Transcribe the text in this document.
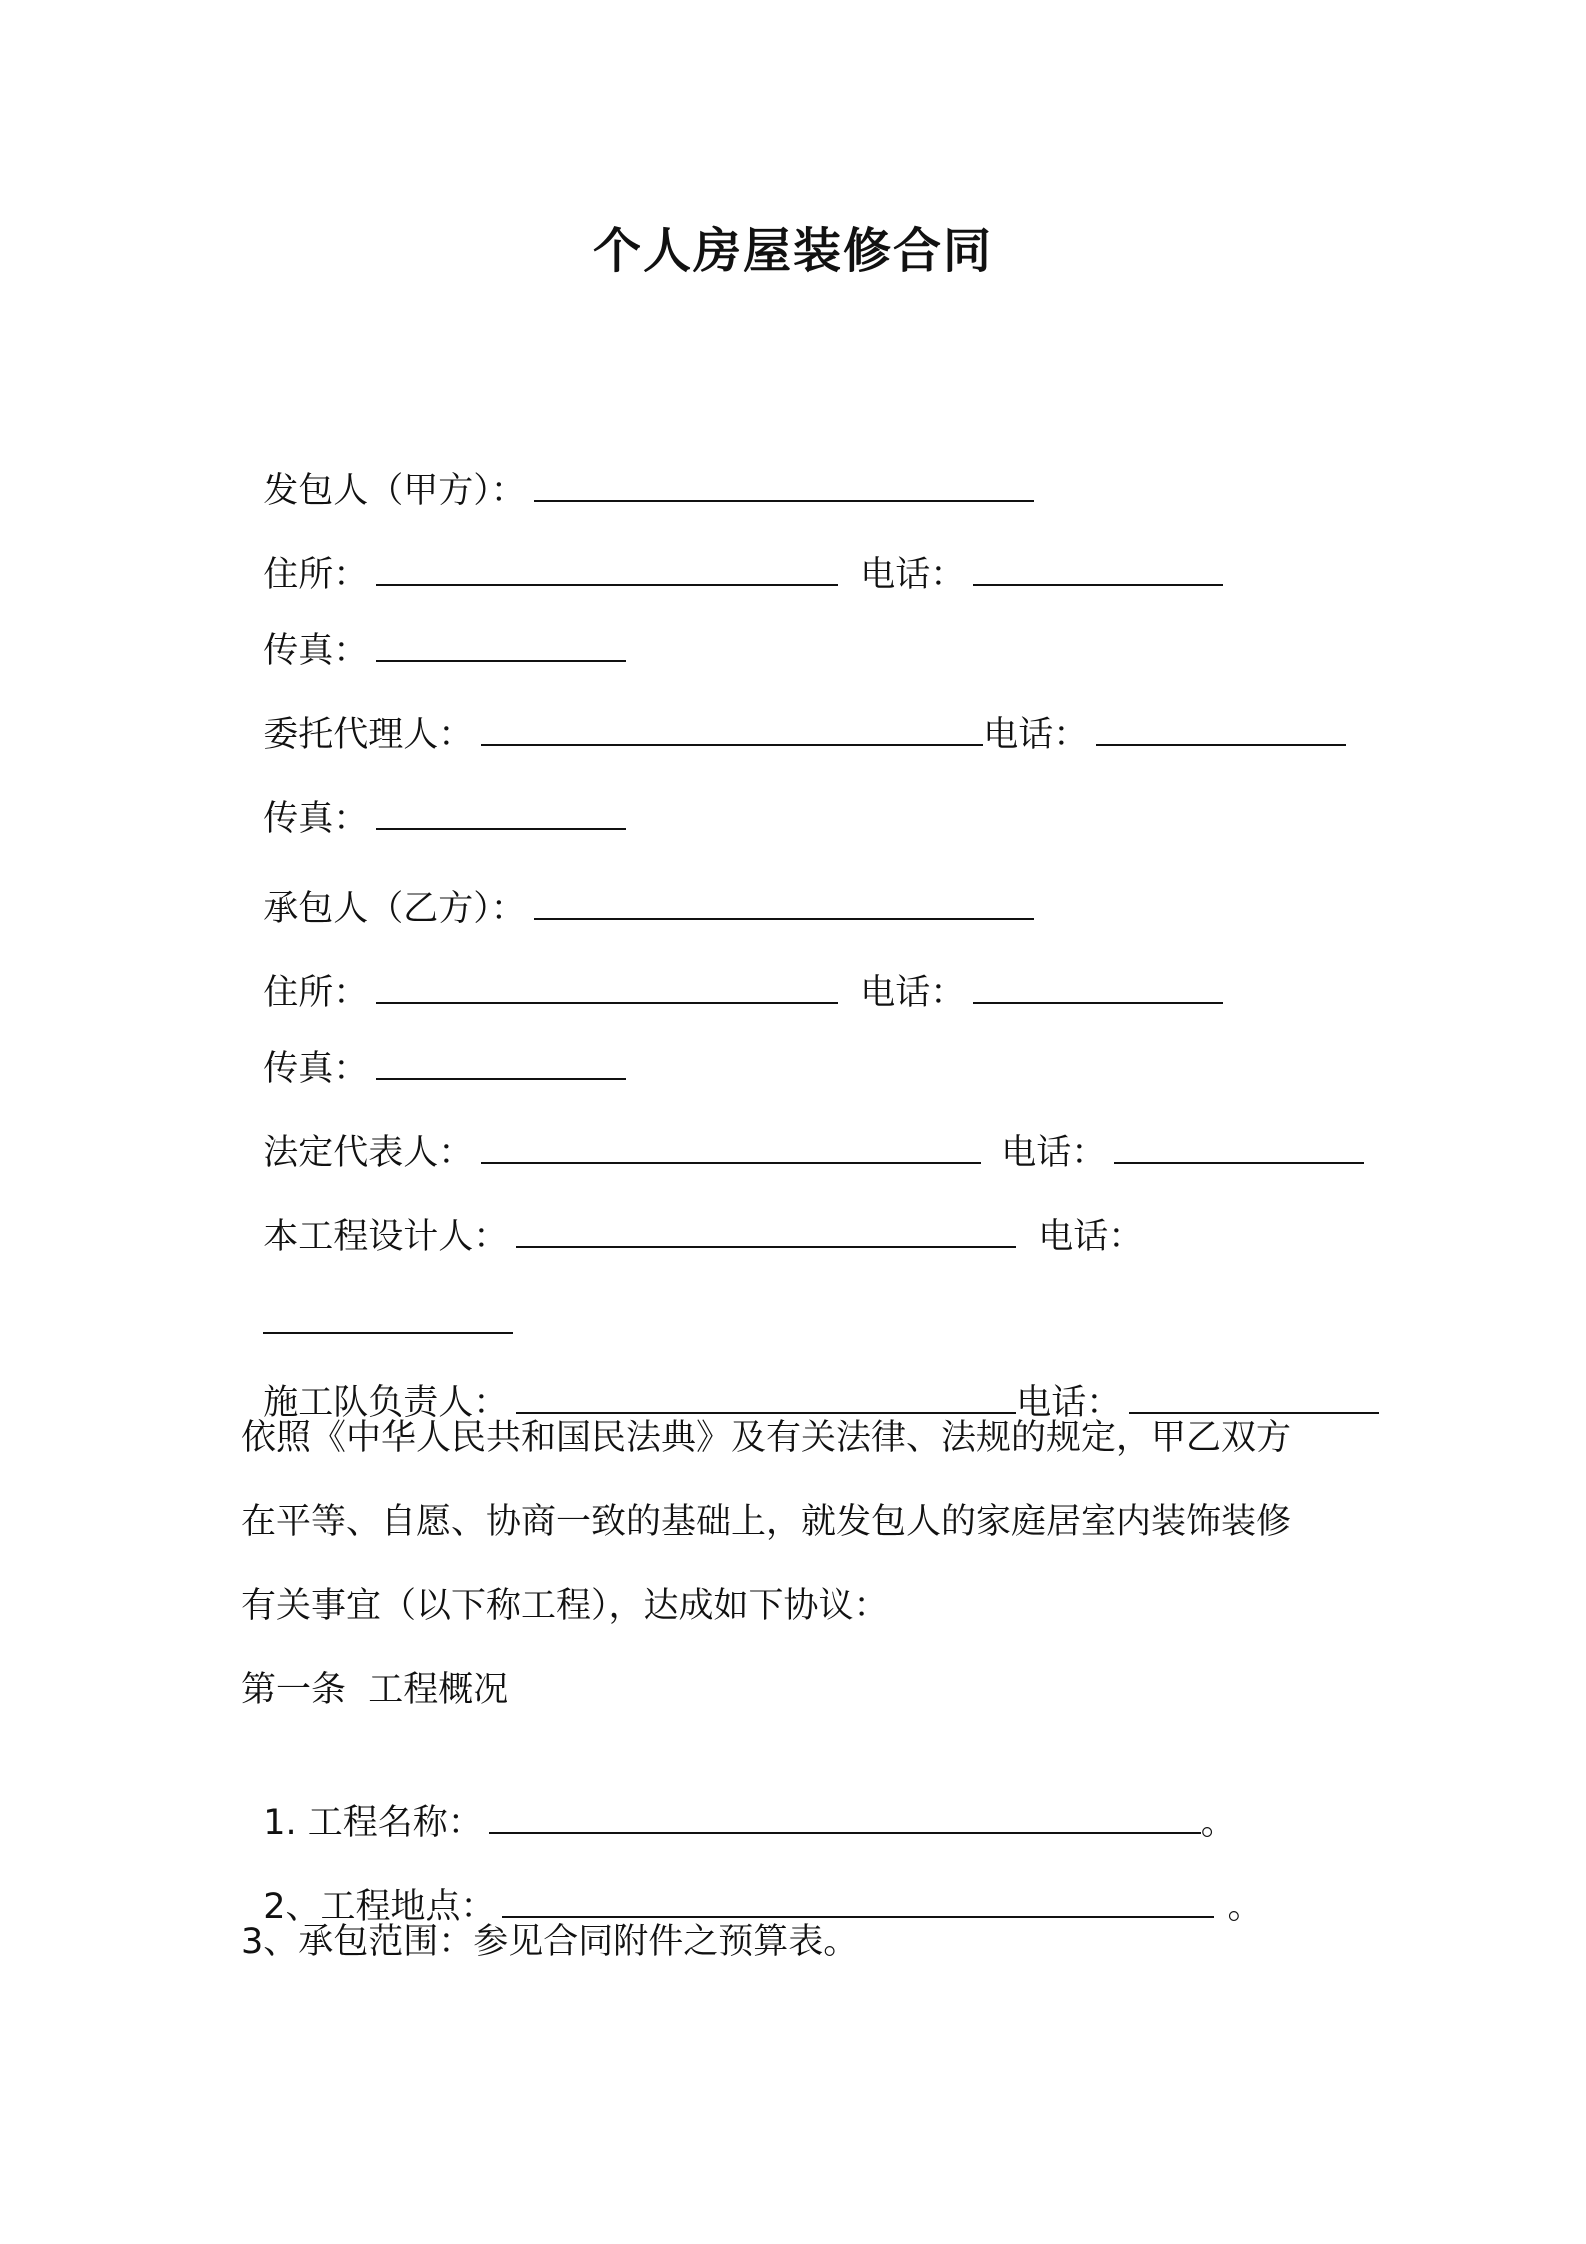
个人房屋装修合同

发包人（甲方）：

住所：	电话：

传真：

委托代理人：	电话：

传真：

承包人（乙方）：

住所：	电话：

传真：

法定代表人：	电话：

本工程设计人：	电话：

施工队负责人：	电话：

依照《中华人民共和国民法典》及有关法律、法规的规定，甲乙双方
在平等、自愿、协商一致的基础上，就发包人的家庭居室内装饰装修
有关事宜（以下称工程），达成如下协议：
第一条  工程概况

1. 工程名称：	。

2、工程地点：	。

3、承包范围：参见合同附件之预算表。
